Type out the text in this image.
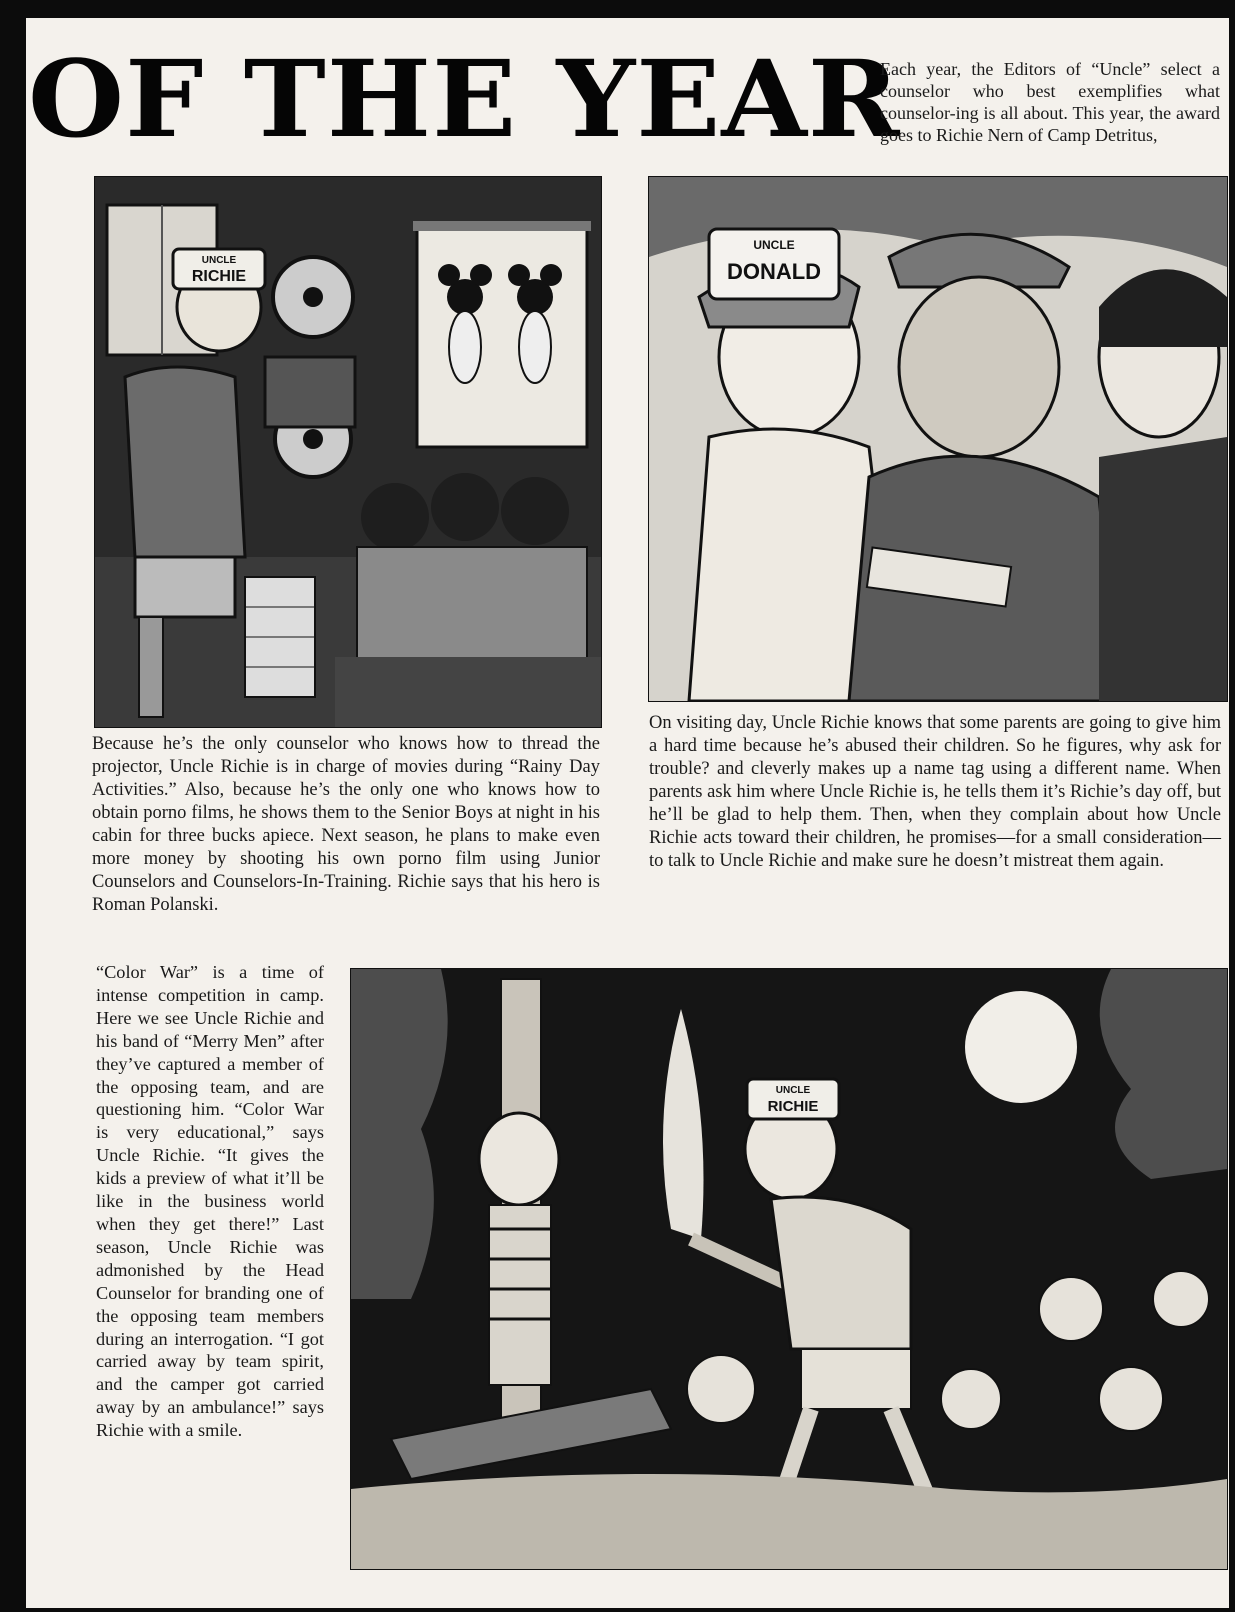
OF THE YEAR
Each year, the Editors of “Uncle” select a counselor who best exemplifies what counselor-ing is all about. This year, the award goes to Richie Nern of Camp Detritus,
UNCLE
RICHIE
UNCLE
DONALD
UNCLE
RICHIE
Because he’s the only counselor who knows how to thread the projector, Uncle Richie is in charge of movies during “Rainy Day Activities.” Also, because he’s the only one who knows how to obtain porno films, he shows them to the Senior Boys at night in his cabin for three bucks apiece. Next season, he plans to make even more money by shooting his own porno film using Junior Counselors and Counselors-In-Training. Richie says that his hero is Roman Polanski.
On visiting day, Uncle Richie knows that some parents are going to give him a hard time because he’s abused their children. So he figures, why ask for trouble? and cleverly makes up a name tag using a different name. When parents ask him where Uncle Richie is, he tells them it’s Richie’s day off, but he’ll be glad to help them. Then, when they complain about how Uncle Richie acts toward their children, he promises—for a small consideration—to talk to Uncle Richie and make sure he doesn’t mistreat them again.
“Color War” is a time of intense competition in camp. Here we see Uncle Richie and his band of “Merry Men” after they’ve captured a member of the opposing team, and are questioning him. “Color War is very educational,” says Uncle Richie. “It gives the kids a preview of what it’ll be like in the business world when they get there!” Last season, Uncle Richie was admonished by the Head Counselor for branding one of the opposing team members during an interrogation. “I got carried away by team spirit, and the camper got carried away by an ambulance!” says Richie with a smile.
